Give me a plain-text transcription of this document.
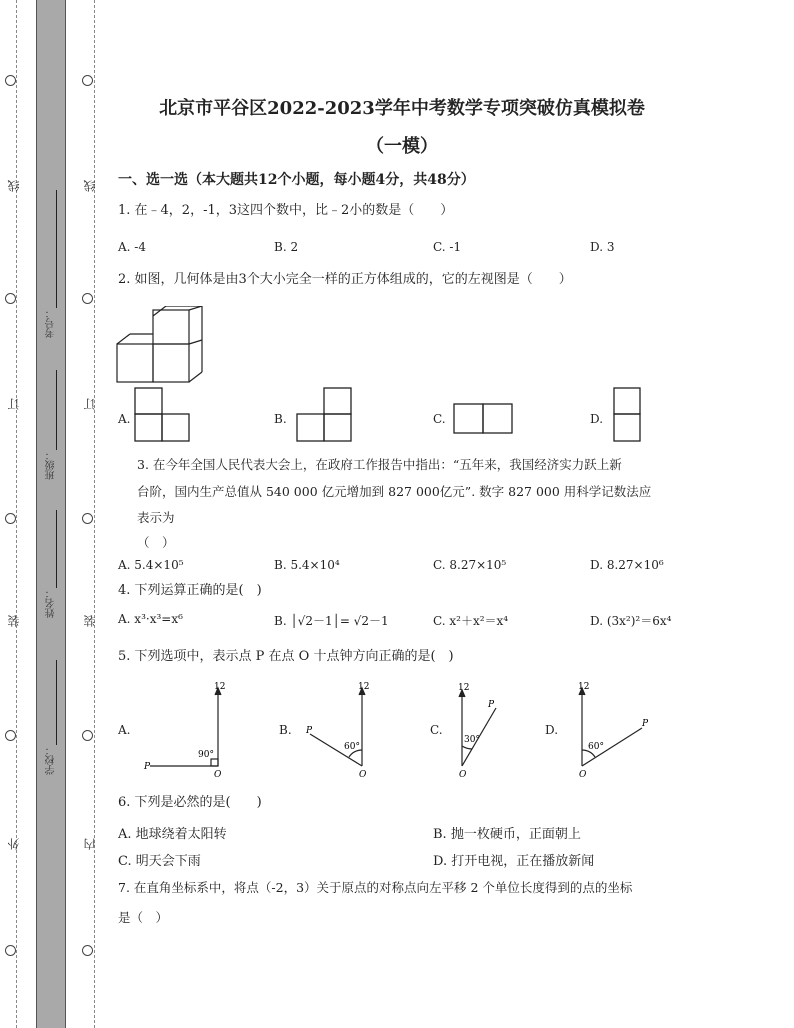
线
订
装
外
线
订
装
内
考号：
班级：
姓名：
学校：
北京市平谷区2022-2023学年中考数学专项突破仿真模拟卷
（一模）
一、选一选（本大题共12个小题，每小题4分，共48分）
1. 在﹣4，2，-1，3这四个数中，比﹣2小的数是（　　）
A. -4	B. 2	C. -1	D. 3
2. 如图，几何体是由3个大小完全一样的正方体组成的，它的左视图是（　　）
A.	B.	C.	D.
3. 在今年全国人民代表大会上，在政府工作报告中指出：“五年来，我国经济实力跃上新
台阶，国内生产总值从 540 000 亿元增加到 827 000亿元”. 数字 827 000 用科学记数法应
表示为
（　）
A. 5.4×10⁵	B. 5.4×10⁴	C. 8.27×10⁵	D. 8.27×10⁶
4. 下列运算正确的是(　)
A. x³·x³=x⁶	B. │√2－1│= √2－1	C. x²＋x²＝x⁴	D. (3x²)²＝6x⁴
5. 下列选项中，表示点 P 在点 O 十点钟方向正确的是(　)
A.
12
O
P
90°
B.
12
O
P
60°
C.
12
O
P
30°
D.
12
O
P
60°
6. 下列是必然的是(　　)
A. 地球绕着太阳转	B. 抛一枚硬币，正面朝上
C. 明天会下雨	D. 打开电视，正在播放新闻
7. 在直角坐标系中，将点（-2，3）关于原点的对称点向左平移 2 个单位长度得到的点的坐标
是（　）
